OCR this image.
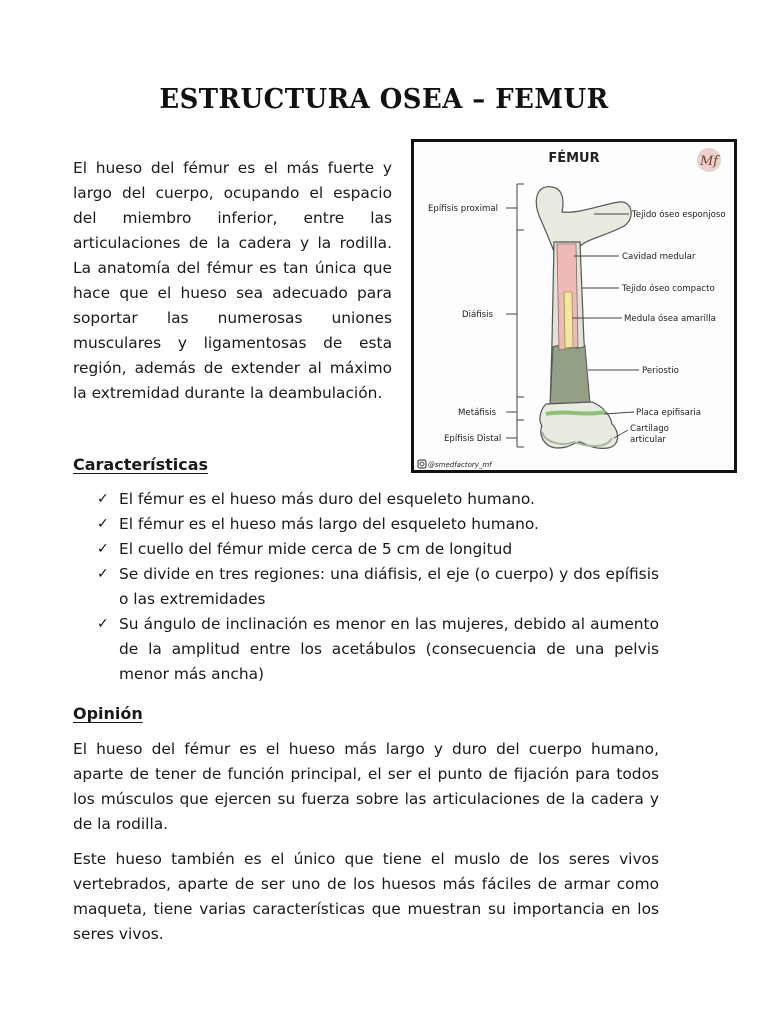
ESTRUCTURA OSEA – FEMUR
El hueso del fémur es el más fuerte y largo del cuerpo, ocupando el espacio del miembro inferior, entre las articulaciones de la cadera y la rodilla. La anatomía del fémur es tan única que hace que el hueso sea adecuado para soportar las numerosas uniones musculares y ligamentosas de esta región, además de extender al máximo la extremidad durante la deambulación.
FÉMUR	Mf
Epífisis proximal
Diáfisis
Metáfisis
Epífisis Distal
Tejido óseo esponjoso
Cavidad medular
Tejido óseo compacto
Medula ósea amarilla
Periostio
Placa epifisaria
Cartílago
articular
@smedfactory_mf
Características
✓ El fémur es el hueso más duro del esqueleto humano.
✓ El fémur es el hueso más largo del esqueleto humano.
✓ El cuello del fémur mide cerca de 5 cm de longitud
✓ Se divide en tres regiones: una diáfisis, el eje (o cuerpo) y dos epífisis o las extremidades
✓ Su ángulo de inclinación es menor en las mujeres, debido al aumento de la amplitud entre los acetábulos (consecuencia de una pelvis menor más ancha)
Opinión

El hueso del fémur es el hueso más largo y duro del cuerpo humano, aparte de tener de función principal, el ser el punto de fijación para todos los músculos que ejercen su fuerza sobre las articulaciones de la cadera y de la rodilla.

Este hueso también es el único que tiene el muslo de los seres vivos vertebrados, aparte de ser uno de los huesos más fáciles de armar como maqueta, tiene varias características que muestran su importancia en los seres vivos.
